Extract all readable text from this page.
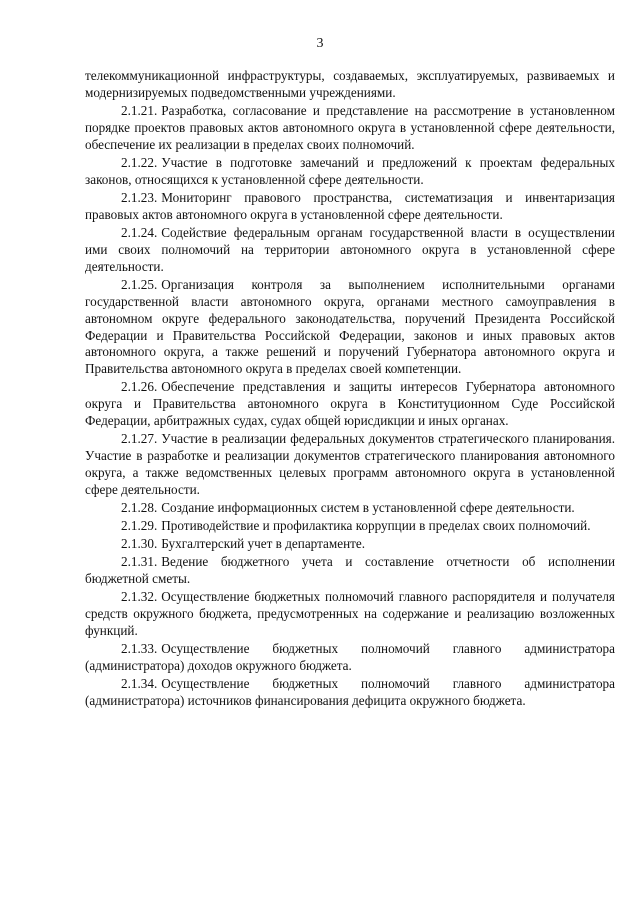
3

телекоммуникационной инфраструктуры, создаваемых, эксплуатируемых, развиваемых и модернизируемых подведомственными учреждениями.

2.1.21. Разработка, согласование и представление на рассмотрение в установленном порядке проектов правовых актов автономного округа в установленной сфере деятельности, обеспечение их реализации в пределах своих полномочий.

2.1.22. Участие в подготовке замечаний и предложений к проектам федеральных законов, относящихся к установленной сфере деятельности.

2.1.23. Мониторинг правового пространства, систематизация и инвентаризация правовых актов автономного округа в установленной сфере деятельности.

2.1.24. Содействие федеральным органам государственной власти в осуществлении ими своих полномочий на территории автономного округа в установленной сфере деятельности.

2.1.25. Организация контроля за выполнением исполнительными органами государственной власти автономного округа, органами местного самоуправления в автономном округе федерального законодательства, поручений Президента Российской Федерации и Правительства Российской Федерации, законов и иных правовых актов автономного округа, а также решений и поручений Губернатора автономного округа и Правительства автономного округа в пределах своей компетенции.

2.1.26. Обеспечение представления и защиты интересов Губернатора автономного округа и Правительства автономного округа в Конституционном Суде Российской Федерации, арбитражных судах, судах общей юрисдикции и иных органах.

2.1.27. Участие в реализации федеральных документов стратегического планирования. Участие в разработке и реализации документов стратегического планирования автономного округа, а также ведомственных целевых программ автономного округа в установленной сфере деятельности.

2.1.28. Создание информационных систем в установленной сфере деятельности.

2.1.29. Противодействие и профилактика коррупции в пределах своих полномочий.

2.1.30. Бухгалтерский учет в департаменте.

2.1.31. Ведение бюджетного учета и составление отчетности об исполнении бюджетной сметы.

2.1.32. Осуществление бюджетных полномочий главного распорядителя и получателя средств окружного бюджета, предусмотренных на содержание и реализацию возложенных функций.

2.1.33. Осуществление бюджетных полномочий главного администратора (администратора) доходов окружного бюджета.

2.1.34. Осуществление бюджетных полномочий главного администратора (администратора) источников финансирования дефицита окружного бюджета.
